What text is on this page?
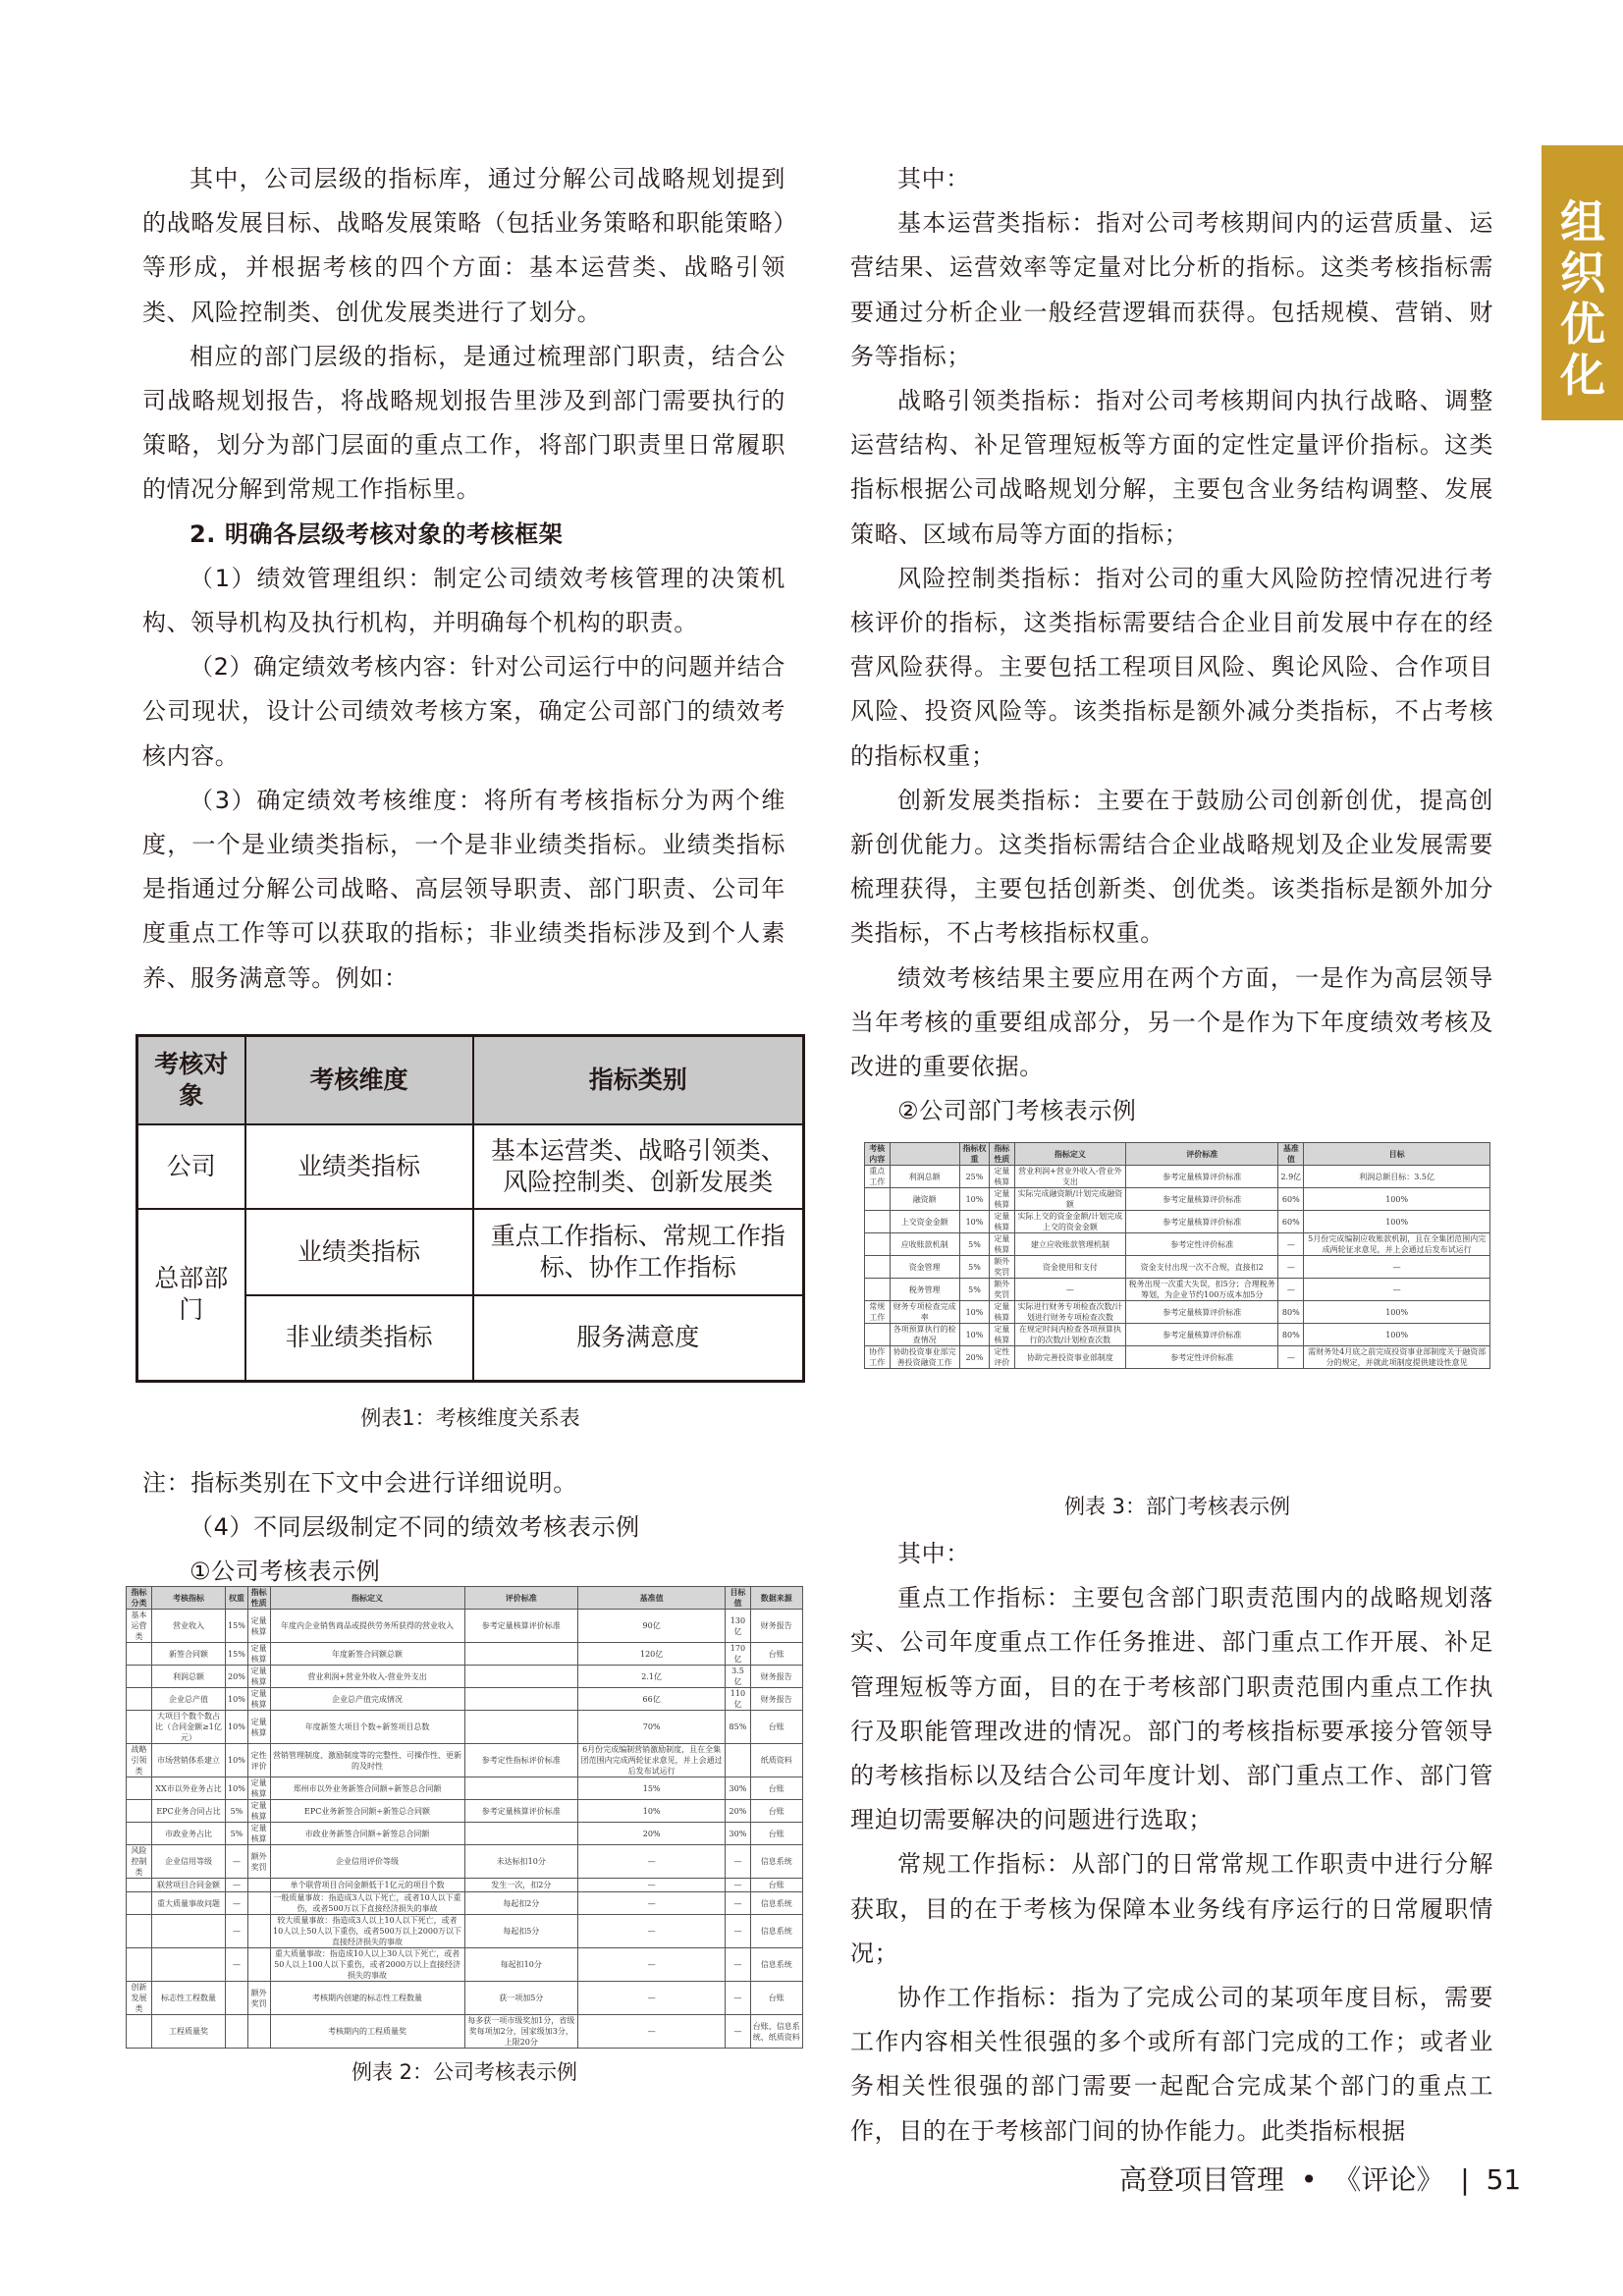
组织优化

其中，公司层级的指标库，通过分解公司战略规划提到的战略发展目标、战略发展策略（包括业务策略和职能策略）等形成，并根据考核的四个方面：基本运营类、战略引领类、风险控制类、创优发展类进行了划分。

相应的部门层级的指标，是通过梳理部门职责，结合公司战略规划报告，将战略规划报告里涉及到部门需要执行的策略，划分为部门层面的重点工作，将部门职责里日常履职的情况分解到常规工作指标里。

2. 明确各层级考核对象的考核框架

（1）绩效管理组织：制定公司绩效考核管理的决策机构、领导机构及执行机构，并明确每个机构的职责。

（2）确定绩效考核内容：针对公司运行中的问题并结合公司现状，设计公司绩效考核方案，确定公司部门的绩效考核内容。

（3）确定绩效考核维度：将所有考核指标分为两个维度，一个是业绩类指标，一个是非业绩类指标。业绩类指标是指通过分解公司战略、高层领导职责、部门职责、公司年度重点工作等可以获取的指标；非业绩类指标涉及到个人素养、服务满意等。例如：

考核对象	考核维度	指标类别
公司	业绩类指标	基本运营类、战略引领类、风险控制类、创新发展类
总部部门	业绩类指标	重点工作指标、常规工作指标、协作工作指标
	非业绩类指标	服务满意度
例表1：考核维度关系表

注：指标类别在下文中会进行详细说明。

（4）不同层级制定不同的绩效考核表示例

①公司考核表示例

指标分类	考核指标	权重	指标性质	指标定义	评价标准	基准值	目标值	数据来源
基本运营类	营业收入	15%	定量核算	年度内企业销售商品或提供劳务所获得的营业收入	参考定量核算评价标准	90亿	130亿	财务报告
	新签合同额	15%	定量核算	年度新签合同额总额		120亿	170亿	台账
	利润总额	20%	定量核算	营业利润+营业外收入-营业外支出		2.1亿	3.5亿	财务报告
	企业总产值	10%	定量核算	企业总产值完成情况		66亿	110亿	财务报告
	大项目个数个数占比（合同金额≥1亿元）	10%	定量核算	年度新签大项目个数÷新签项目总数		70%	85%	台账
战略引领类	市场营销体系建立	10%	定性评价	营销管理制度、激励制度等的完整性、可操作性、更新的及时性	参考定性指标评价标准	6月份完成编制营销激励制度，且在全集团范围内完成两轮征求意见，并上会通过后发布试运行		纸质资料
	XX市以外业务占比	10%	定量核算	郑州市以外业务新签合同额÷新签总合同额		15%	30%	台账
	EPC业务合同占比	5%	定量核算	EPC业务新签合同额÷新签总合同额	参考定量核算评价标准	10%	20%	台账
	市政业务占比	5%	定量核算	市政业务新签合同额÷新签总合同额		20%	30%	台账
风险控制类	企业信用等级	—	额外奖罚	企业信用评价等级	未达标扣10分	—	—	信息系统
	联营项目合同金额	—		单个联营项目合同金额低于1亿元的项目个数	发生一次，扣2分	—	—	台账
	重大质量事故问题	—		一般质量事故：指造成3人以下死亡，或者10人以下重伤，或者500万以下直接经济损失的事故	每起扣2分	—	—	信息系统
		—		较大质量事故：指造成3人以上10人以下死亡，或者10人以上50人以下重伤，或者500万以上2000万以下直接经济损失的事故	每起扣5分	—	—	信息系统
		—		重大质量事故：指造成10人以上30人以下死亡，或者50人以上100人以下重伤，或者2000万以上直接经济损失的事故	每起扣10分	—	—	信息系统
创新发展类	标志性工程数量		额外奖罚	考核期内创建的标志性工程数量	获一项加5分	—	—	台账
	工程质量奖			考核期内的工程质量奖	每多获一项市级奖加1分，省级奖每项加2分，国家级加3分，上限20分	—	—	台账、信息系统、纸质资料
例表 2：公司考核表示例

其中：

基本运营类指标：指对公司考核期间内的运营质量、运营结果、运营效率等定量对比分析的指标。这类考核指标需要通过分析企业一般经营逻辑而获得。包括规模、营销、财务等指标；

战略引领类指标：指对公司考核期间内执行战略、调整运营结构、补足管理短板等方面的定性定量评价指标。这类指标根据公司战略规划分解，主要包含业务结构调整、发展策略、区域布局等方面的指标；

风险控制类指标：指对公司的重大风险防控情况进行考核评价的指标，这类指标需要结合企业目前发展中存在的经营风险获得。主要包括工程项目风险、舆论风险、合作项目风险、投资风险等。该类指标是额外减分类指标，不占考核的指标权重；

创新发展类指标：主要在于鼓励公司创新创优，提高创新创优能力。这类指标需结合企业战略规划及企业发展需要梳理获得，主要包括创新类、创优类。该类指标是额外加分类指标，不占考核指标权重。

绩效考核结果主要应用在两个方面，一是作为高层领导当年考核的重要组成部分，另一个是作为下年度绩效考核及改进的重要依据。

②公司部门考核表示例

考核内容		指标权重	指标性质	指标定义	评价标准	基准值	目标
重点工作	利润总额	25%	定量核算	营业利润+营业外收入-营业外支出	参考定量核算评价标准	2.9亿	利润总额目标：3.5亿
	融资额	10%	定量核算	实际完成融资额/计划完成融资额	参考定量核算评价标准	60%	100%
	上交资金金额	10%	定量核算	实际上交的资金金额/计划完成上交的资金金额	参考定量核算评价标准	60%	100%
	应收账款机制	5%	定量核算	建立应收账款管理机制	参考定性评价标准	—	5月份完成编制应收账款机制，且在全集团范围内完成两轮征求意见，并上会通过后发布试运行
	资金管理	5%	额外奖罚	资金使用和支付	资金支付出现一次不合规，直接扣2	—	—
	税务管理	5%	额外奖罚	—	税务出现一次重大失误，扣5分；合理税务筹划，为企业节约100万成本加5分	—	—
常规工作	财务专项检查完成率	10%	定量核算	实际进行财务专项检查次数/计划进行财务专项检查次数	参考定量核算评价标准	80%	100%
	各项预算执行的检查情况	10%	定量核算	在规定时间内检查各项预算执行的次数/计划检查次数	参考定量核算评价标准	80%	100%
协作工作	协助投资事业部完善投资融资工作	20%	定性评价	协助完善投资事业部制度	参考定性评价标准	—	需财务处4月底之前完成投资事业部制度关于融资部分的规定，并就此项制度提供建设性意见
例表 3：部门考核表示例

其中：

重点工作指标：主要包含部门职责范围内的战略规划落实、公司年度重点工作任务推进、部门重点工作开展、补足管理短板等方面，目的在于考核部门职责范围内重点工作执行及职能管理改进的情况。部门的考核指标要承接分管领导的考核指标以及结合公司年度计划、部门重点工作、部门管理迫切需要解决的问题进行选取；

常规工作指标：从部门的日常常规工作职责中进行分解获取，目的在于考核为保障本业务线有序运行的日常履职情况；

协作工作指标：指为了完成公司的某项年度目标，需要工作内容相关性很强的多个或所有部门完成的工作；或者业务相关性很强的部门需要一起配合完成某个部门的重点工作，目的在于考核部门间的协作能力。此类指标根据

高登项目管理 • 《评论》 | 51
